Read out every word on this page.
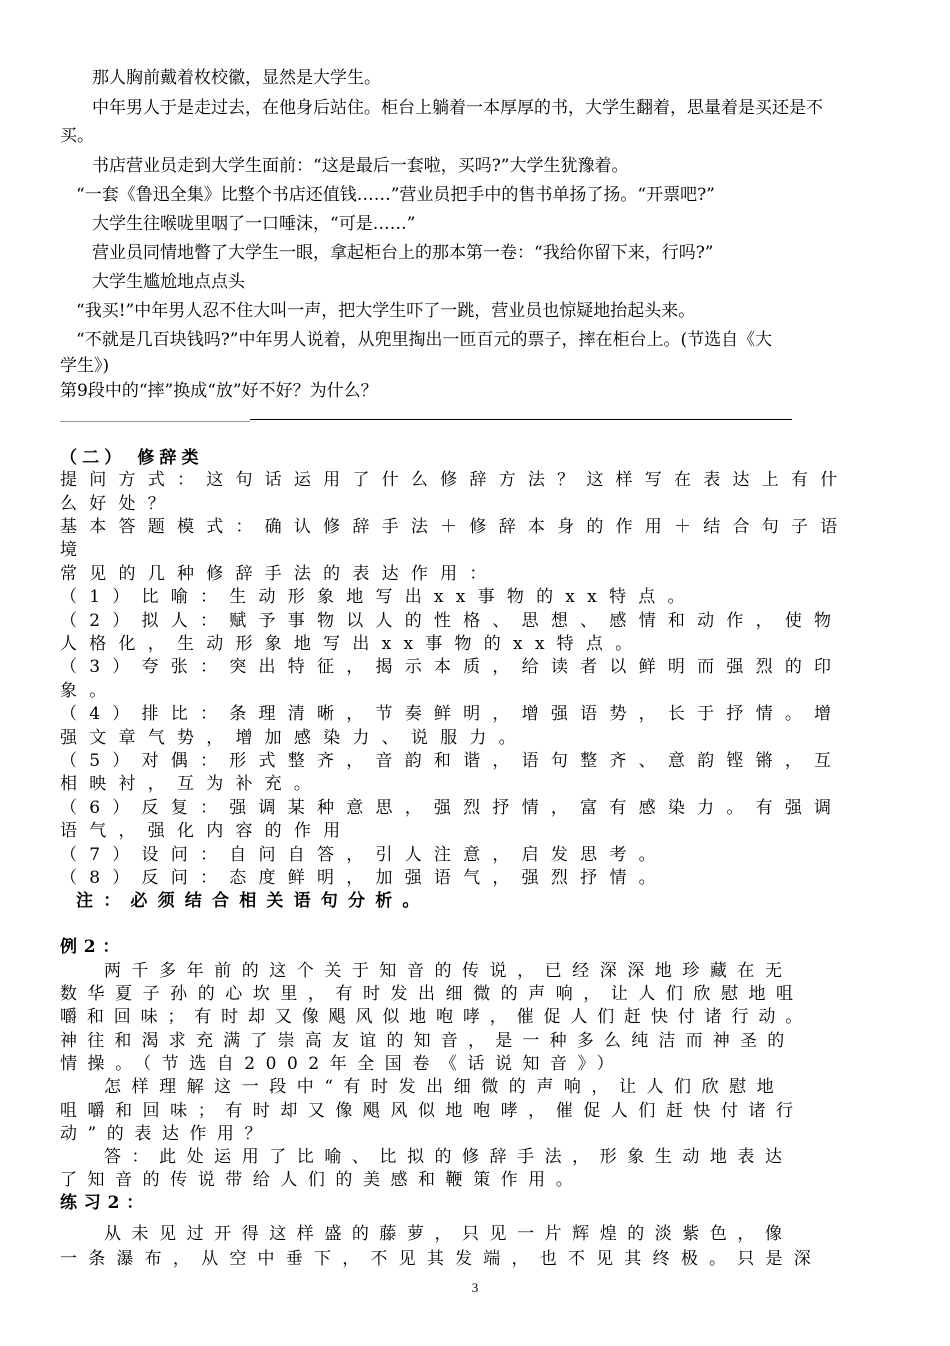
那人胸前戴着枚校徽，显然是大学生。
中年男人于是走过去，在他身后站住。柜台上躺着一本厚厚的书，大学生翻着，思量着是买还是不
买。
书店营业员走到大学生面前：“这是最后一套啦，买吗?”大学生犹豫着。
“一套《鲁迅全集》比整个书店还值钱……”营业员把手中的售书单扬了扬。“开票吧?”
大学生往喉咙里咽了一口唾沫，“可是……”
营业员同情地瞥了大学生一眼，拿起柜台上的那本第一卷：“我给你留下来，行吗?”
大学生尴尬地点点头
“我买!”中年男人忍不住大叫一声，把大学生吓了一跳，营业员也惊疑地抬起头来。
“不就是几百块钱吗?”中年男人说着，从兜里掏出一匝百元的票子，摔在柜台上。(节选自《大
学生》)
第9段中的“摔”换成“放”好不好？为什么？
（二） 修辞类
提问方式：这句话运用了什么修辞方法？这样写在表达上有什
么好处？
基本答题模式：确认修辞手法＋修辞本身的作用＋结合句子语
境
常见的几种修辞手法的表达作用：
（1）比喻：生动形象地写出xx事物的xx特点。
（2）拟人：赋予事物以人的性格、思想、感情和动作，使物
人格化，生动形象地写出xx事物的xx特点。
（3）夸张：突出特征，揭示本质，给读者以鲜明而强烈的印
象。
（4）排比：条理清晰，节奏鲜明，增强语势，长于抒情。增
强文章气势，增加感染力、说服力。
（5）对偶：形式整齐，音韵和谐，语句整齐、意韵铿锵，互
相映衬，互为补充。
（6）反复：强调某种意思，强烈抒情，富有感染力。有强调
语气，强化内容的作用
（7）设问：自问自答，引人注意，启发思考。
（8）反问：态度鲜明，加强语气，强烈抒情。
注：必须结合相关语句分析。
例2：
两千多年前的这个关于知音的传说，已经深深地珍藏在无
数华夏子孙的心坎里，有时发出细微的声响，让人们欣慰地咀
嚼和回味；有时却又像飓风似地咆哮，催促人们赶快付诸行动。
神往和渴求充满了崇高友谊的知音，是一种多么纯洁而神圣的
情操。（节选自2002年全国卷《话说知音》）
怎样理解这一段中“有时发出细微的声响，让人们欣慰地
咀嚼和回味；有时却又像飓风似地咆哮，催促人们赶快付诸行
动”的表达作用？
答：此处运用了比喻、比拟的修辞手法，形象生动地表达
了知音的传说带给人们的美感和鞭策作用。
练习2：
从未见过开得这样盛的藤萝，只见一片辉煌的淡紫色，像
一条瀑布，从空中垂下，不见其发端，也不见其终极。只是深
3
